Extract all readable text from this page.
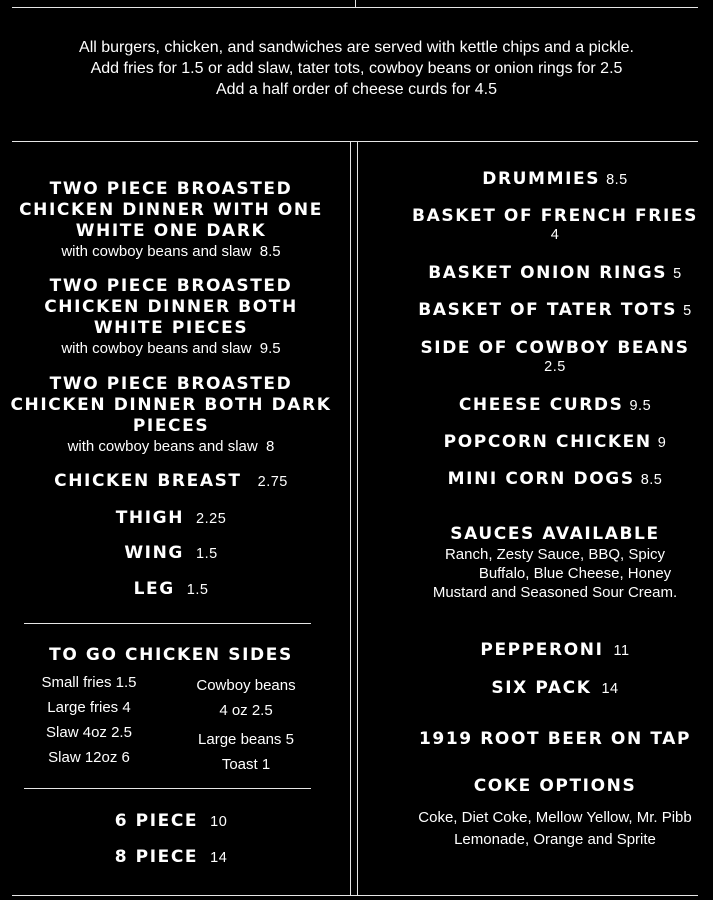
All burgers, chicken, and sandwiches are served with kettle chips and a pickle.
Add fries for 1.5 or add slaw, tater tots, cowboy beans or onion rings for 2.5
Add a half order of cheese curds for 4.5
TWO PIECE BROASTED
CHICKEN DINNER WITH ONE
WHITE ONE DARK
with cowboy beans and slaw 8.5
TWO PIECE BROASTED
CHICKEN DINNER BOTH
WHITE PIECES
with cowboy beans and slaw 9.5
TWO PIECE BROASTED
CHICKEN DINNER BOTH DARK
PIECES
with cowboy beans and slaw 8
CHICKEN BREAST 2.75
THIGH 2.25
WING 1.5
LEG 1.5
TO GO CHICKEN SIDES
Small fries 1.5
Large fries 4
Slaw 4oz 2.5
Slaw 12oz 6
Cowboy beans
4 oz 2.5
Large beans 5
Toast 1
6 PIECE 10
8 PIECE 14
DRUMMIES 8.5
BASKET OF FRENCH FRIES
4
BASKET ONION RINGS 5
BASKET OF TATER TOTS 5
SIDE OF COWBOY BEANS
2.5
CHEESE CURDS 9.5
POPCORN CHICKEN 9
MINI CORN DOGS 8.5
SAUCES AVAILABLE
Ranch, Zesty Sauce, BBQ, Spicy
Buffalo, Blue Cheese, Honey
Mustard and Seasoned Sour Cream.
PEPPERONI 11
SIX PACK 14
1919 ROOT BEER ON TAP
COKE OPTIONS
Coke, Diet Coke, Mellow Yellow, Mr. Pibb
Lemonade, Orange and Sprite
